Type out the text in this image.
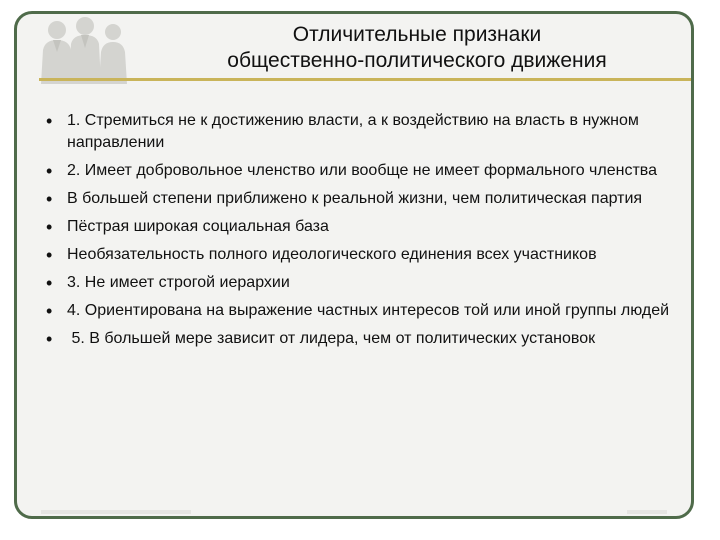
Отличительные признаки
общественно-политического движения
• 1. Стремиться не к достижению власти, а к воздействию на власть в нужном направлении
• 2. Имеет добровольное членство или вообще не имеет формального членства
• В большей степени приближено к реальной жизни, чем политическая партия
• Пёстрая широкая социальная база
• Необязательность полного идеологического единения всех участников
• 3. Не имеет строгой иерархии
• 4. Ориентирована на выражение частных интересов той или иной группы людей
• 5. В большей мере зависит от лидера, чем от политических установок
